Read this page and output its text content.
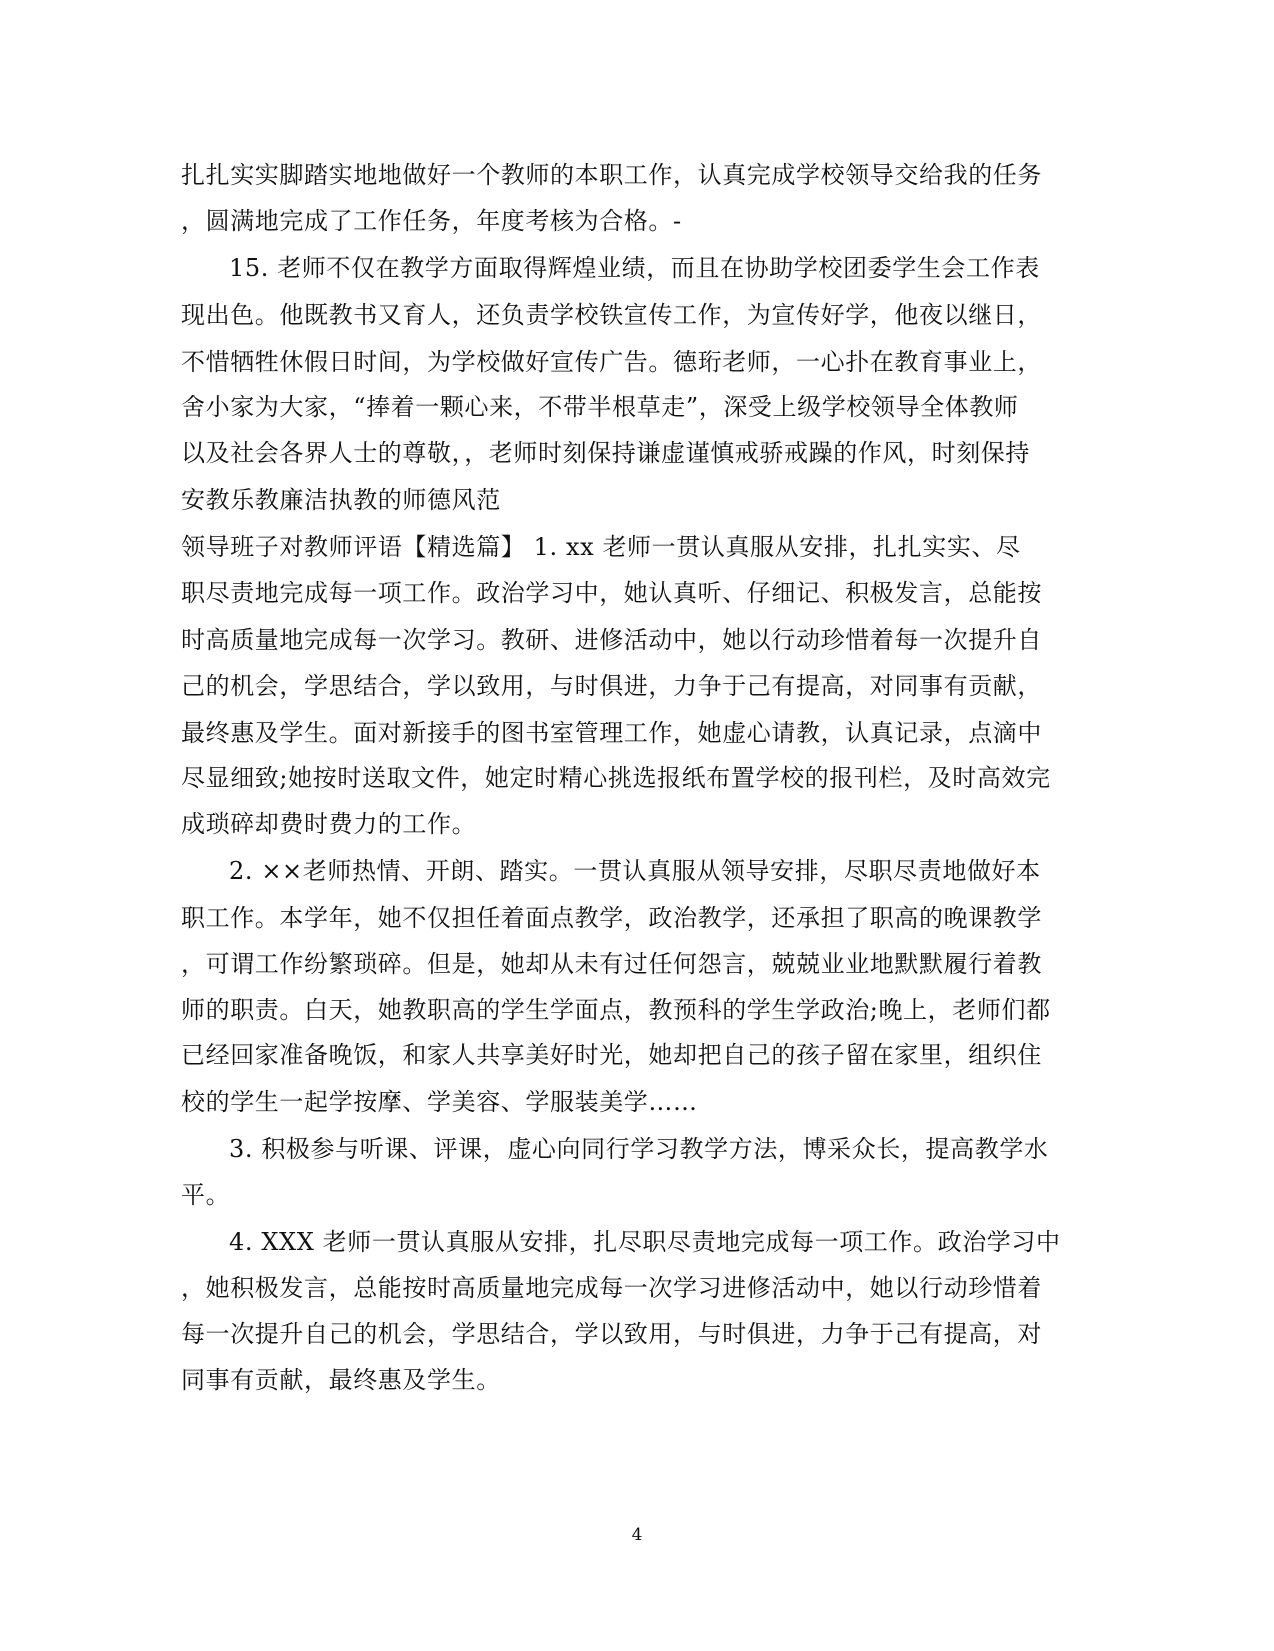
扎扎实实脚踏实地地做好一个教师的本职工作，认真完成学校领导交给我的任务
，圆满地完成了工作任务，年度考核为合格。-
15. 老师不仅在教学方面取得辉煌业绩，而且在协助学校团委学生会工作表
现出色。他既教书又育人，还负责学校铁宣传工作，为宣传好学，他夜以继日，
不惜牺牲休假日时间，为学校做好宣传广告。德珩老师，一心扑在教育事业上，
舍小家为大家，“捧着一颗心来，不带半根草走”，深受上级学校领导全体教师
以及社会各界人士的尊敬，，老师时刻保持谦虚谨慎戒骄戒躁的作风，时刻保持
安教乐教廉洁执教的师德风范
领导班子对教师评语【精选篇】 1. xx 老师一贯认真服从安排，扎扎实实、尽
职尽责地完成每一项工作。政治学习中，她认真听、仔细记、积极发言，总能按
时高质量地完成每一次学习。教研、进修活动中，她以行动珍惜着每一次提升自
己的机会，学思结合，学以致用，与时俱进，力争于己有提高，对同事有贡献，
最终惠及学生。面对新接手的图书室管理工作，她虚心请教，认真记录，点滴中
尽显细致;她按时送取文件，她定时精心挑选报纸布置学校的报刊栏，及时高效完
成琐碎却费时费力的工作。
2. ××老师热情、开朗、踏实。一贯认真服从领导安排，尽职尽责地做好本
职工作。本学年，她不仅担任着面点教学，政治教学，还承担了职高的晚课教学
，可谓工作纷繁琐碎。但是，她却从未有过任何怨言，兢兢业业地默默履行着教
师的职责。白天，她教职高的学生学面点，教预科的学生学政治;晚上，老师们都
已经回家准备晚饭，和家人共享美好时光，她却把自己的孩子留在家里，组织住
校的学生一起学按摩、学美容、学服装美学……
3. 积极参与听课、评课，虚心向同行学习教学方法，博采众长，提高教学水
平。
4. XXX 老师一贯认真服从安排，扎尽职尽责地完成每一项工作。政治学习中
，她积极发言，总能按时高质量地完成每一次学习进修活动中，她以行动珍惜着
每一次提升自己的机会，学思结合，学以致用，与时俱进，力争于己有提高，对
同事有贡献，最终惠及学生。
4
